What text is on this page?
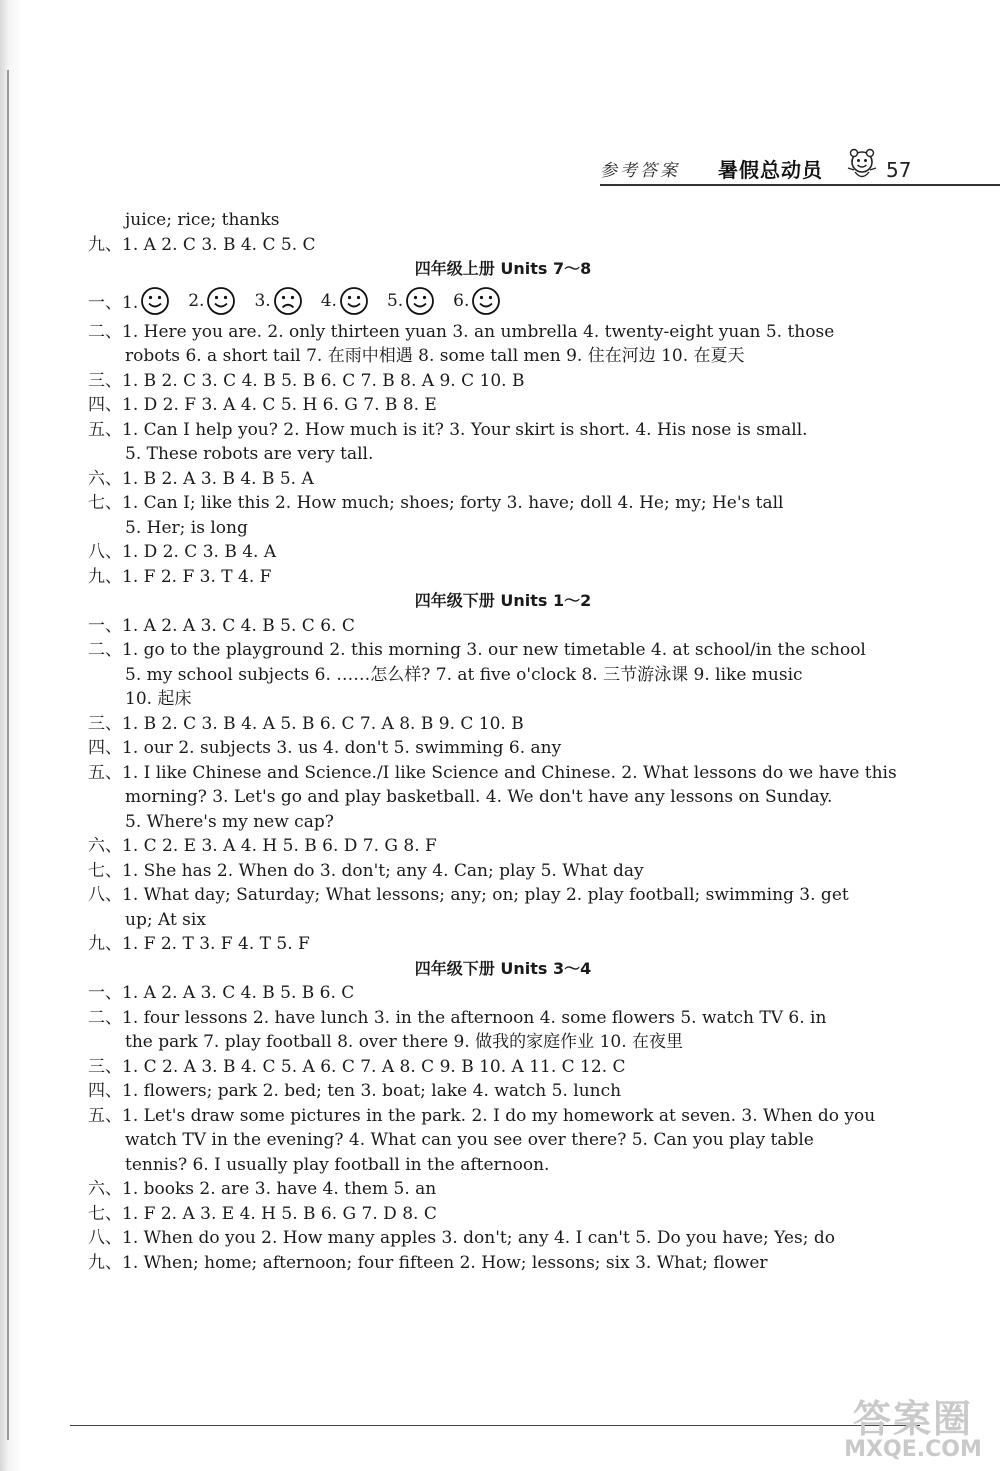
参考答案 暑假总动员	57
juice; rice; thanks
九、1. A 2. C 3. B 4. C 5. C
四年级上册 Units 7～8
一、1.	2.	3.	4.	5.	6.
二、1. Here you are. 2. only thirteen yuan 3. an umbrella 4. twenty-eight yuan 5. those
robots 6. a short tail 7. 在雨中相遇 8. some tall men 9. 住在河边 10. 在夏天
三、1. B 2. C 3. C 4. B 5. B 6. C 7. B 8. A 9. C 10. B
四、1. D 2. F 3. A 4. C 5. H 6. G 7. B 8. E
五、1. Can I help you? 2. How much is it? 3. Your skirt is short. 4. His nose is small.
5. These robots are very tall.
六、1. B 2. A 3. B 4. B 5. A
七、1. Can I; like this 2. How much; shoes; forty 3. have; doll 4. He; my; He's tall
5. Her; is long
八、1. D 2. C 3. B 4. A
九、1. F 2. F 3. T 4. F
四年级下册 Units 1～2
一、1. A 2. A 3. C 4. B 5. C 6. C
二、1. go to the playground 2. this morning 3. our new timetable 4. at school/in the school
5. my school subjects 6. ……怎么样? 7. at five o'clock 8. 三节游泳课 9. like music
10. 起床
三、1. B 2. C 3. B 4. A 5. B 6. C 7. A 8. B 9. C 10. B
四、1. our 2. subjects 3. us 4. don't 5. swimming 6. any
五、1. I like Chinese and Science./I like Science and Chinese. 2. What lessons do we have this
morning? 3. Let's go and play basketball. 4. We don't have any lessons on Sunday.
5. Where's my new cap?
六、1. C 2. E 3. A 4. H 5. B 6. D 7. G 8. F
七、1. She has 2. When do 3. don't; any 4. Can; play 5. What day
八、1. What day; Saturday; What lessons; any; on; play 2. play football; swimming 3. get
up; At six
九、1. F 2. T 3. F 4. T 5. F
四年级下册 Units 3～4
一、1. A 2. A 3. C 4. B 5. B 6. C
二、1. four lessons 2. have lunch 3. in the afternoon 4. some flowers 5. watch TV 6. in
the park 7. play football 8. over there 9. 做我的家庭作业 10. 在夜里
三、1. C 2. A 3. B 4. C 5. A 6. C 7. A 8. C 9. B 10. A 11. C 12. C
四、1. flowers; park 2. bed; ten 3. boat; lake 4. watch 5. lunch
五、1. Let's draw some pictures in the park. 2. I do my homework at seven. 3. When do you
watch TV in the evening? 4. What can you see over there? 5. Can you play table
tennis? 6. I usually play football in the afternoon.
六、1. books 2. are 3. have 4. them 5. an
七、1. F 2. A 3. E 4. H 5. B 6. G 7. D 8. C
八、1. When do you 2. How many apples 3. don't; any 4. I can't 5. Do you have; Yes; do
九、1. When; home; afternoon; four fifteen 2. How; lessons; six 3. What; flower
答案圈
MXQE.COM
